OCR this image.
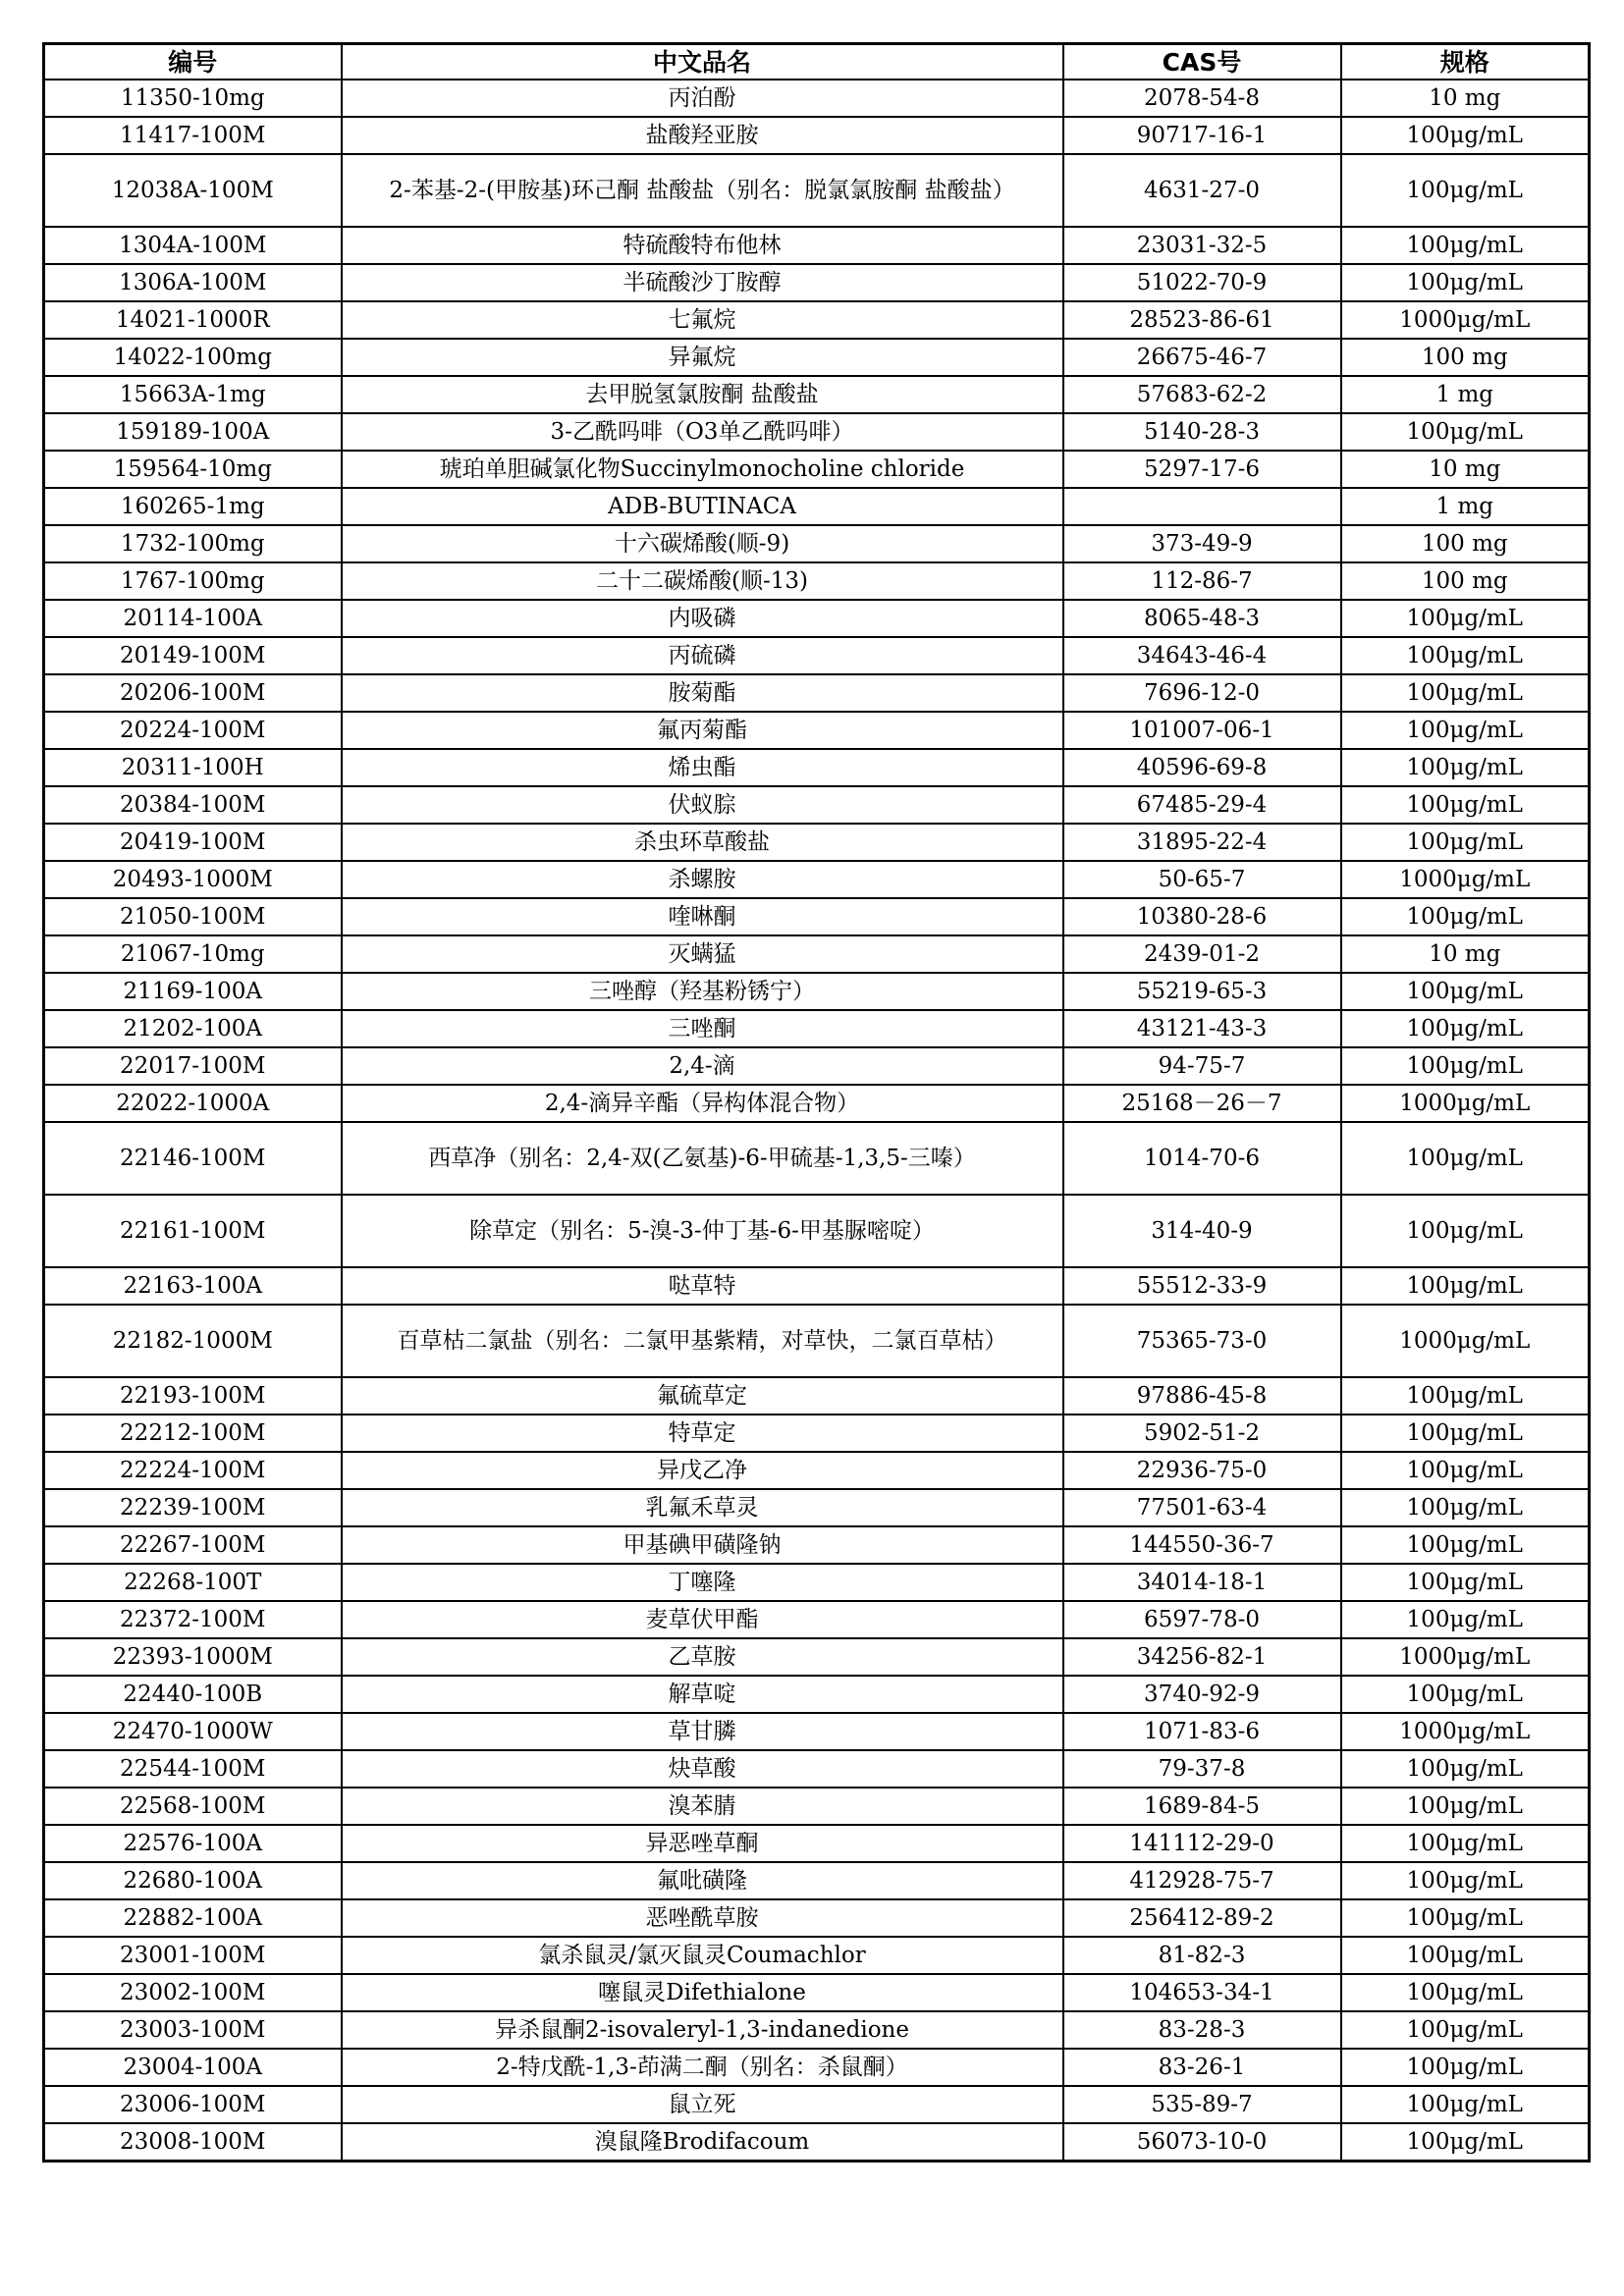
编号	中文品名	CAS号	规格
11350-10mg	丙泊酚	2078-54-8	10 mg
11417-100M	盐酸羟亚胺	90717-16-1	100μg/mL
12038A-100M	2-苯基-2-(甲胺基)环己酮 盐酸盐（别名：脱氯氯胺酮 盐酸盐）	4631-27-0	100μg/mL
1304A-100M	特硫酸特布他林	23031-32-5	100μg/mL
1306A-100M	半硫酸沙丁胺醇	51022-70-9	100μg/mL
14021-1000R	七氟烷	28523-86-61	1000μg/mL
14022-100mg	异氟烷	26675-46-7	100 mg
15663A-1mg	去甲脱氢氯胺酮 盐酸盐	57683-62-2	1 mg
159189-100A	3-乙酰吗啡（O3单乙酰吗啡）	5140-28-3	100μg/mL
159564-10mg	琥珀单胆碱氯化物Succinylmonocholine chloride	5297-17-6	10 mg
160265-1mg	ADB-BUTINACA		1 mg
1732-100mg	十六碳烯酸(顺-9)	373-49-9	100 mg
1767-100mg	二十二碳烯酸(顺-13)	112-86-7	100 mg
20114-100A	内吸磷	8065-48-3	100μg/mL
20149-100M	丙硫磷	34643-46-4	100μg/mL
20206-100M	胺菊酯	7696-12-0	100μg/mL
20224-100M	氟丙菊酯	101007-06-1	100μg/mL
20311-100H	烯虫酯	40596-69-8	100μg/mL
20384-100M	伏蚁腙	67485-29-4	100μg/mL
20419-100M	杀虫环草酸盐	31895-22-4	100μg/mL
20493-1000M	杀螺胺	50-65-7	1000μg/mL
21050-100M	喹啉酮	10380-28-6	100μg/mL
21067-10mg	灭螨猛	2439-01-2	10 mg
21169-100A	三唑醇（羟基粉锈宁）	55219-65-3	100μg/mL
21202-100A	三唑酮	43121-43-3	100μg/mL
22017-100M	2,4-滴	94-75-7	100μg/mL
22022-1000A	2,4-滴异辛酯（异构体混合物）	25168－26－7	1000μg/mL
22146-100M	西草净（别名：2,4-双(乙氨基)-6-甲硫基-1,3,5-三嗪）	1014-70-6	100μg/mL
22161-100M	除草定（别名：5-溴-3-仲丁基-6-甲基脲嘧啶）	314-40-9	100μg/mL
22163-100A	哒草特	55512-33-9	100μg/mL
22182-1000M	百草枯二氯盐（别名：二氯甲基紫精，对草快，二氯百草枯）	75365-73-0	1000μg/mL
22193-100M	氟硫草定	97886-45-8	100μg/mL
22212-100M	特草定	5902-51-2	100μg/mL
22224-100M	异戊乙净	22936-75-0	100μg/mL
22239-100M	乳氟禾草灵	77501-63-4	100μg/mL
22267-100M	甲基碘甲磺隆钠	144550-36-7	100μg/mL
22268-100T	丁噻隆	34014-18-1	100μg/mL
22372-100M	麦草伏甲酯	6597-78-0	100μg/mL
22393-1000M	乙草胺	34256-82-1	1000μg/mL
22440-100B	解草啶	3740-92-9	100μg/mL
22470-1000W	草甘膦	1071-83-6	1000μg/mL
22544-100M	炔草酸	79-37-8	100μg/mL
22568-100M	溴苯腈	1689-84-5	100μg/mL
22576-100A	异恶唑草酮	141112-29-0	100μg/mL
22680-100A	氟吡磺隆	412928-75-7	100μg/mL
22882-100A	恶唑酰草胺	256412-89-2	100μg/mL
23001-100M	氯杀鼠灵/氯灭鼠灵Coumachlor	81-82-3	100μg/mL
23002-100M	噻鼠灵Difethialone	104653-34-1	100μg/mL
23003-100M	异杀鼠酮2-isovaleryl-1,3-indanedione	83-28-3	100μg/mL
23004-100A	2-特戊酰-1,3-茚满二酮（别名：杀鼠酮）	83-26-1	100μg/mL
23006-100M	鼠立死	535-89-7	100μg/mL
23008-100M	溴鼠隆Brodifacoum	56073-10-0	100μg/mL
